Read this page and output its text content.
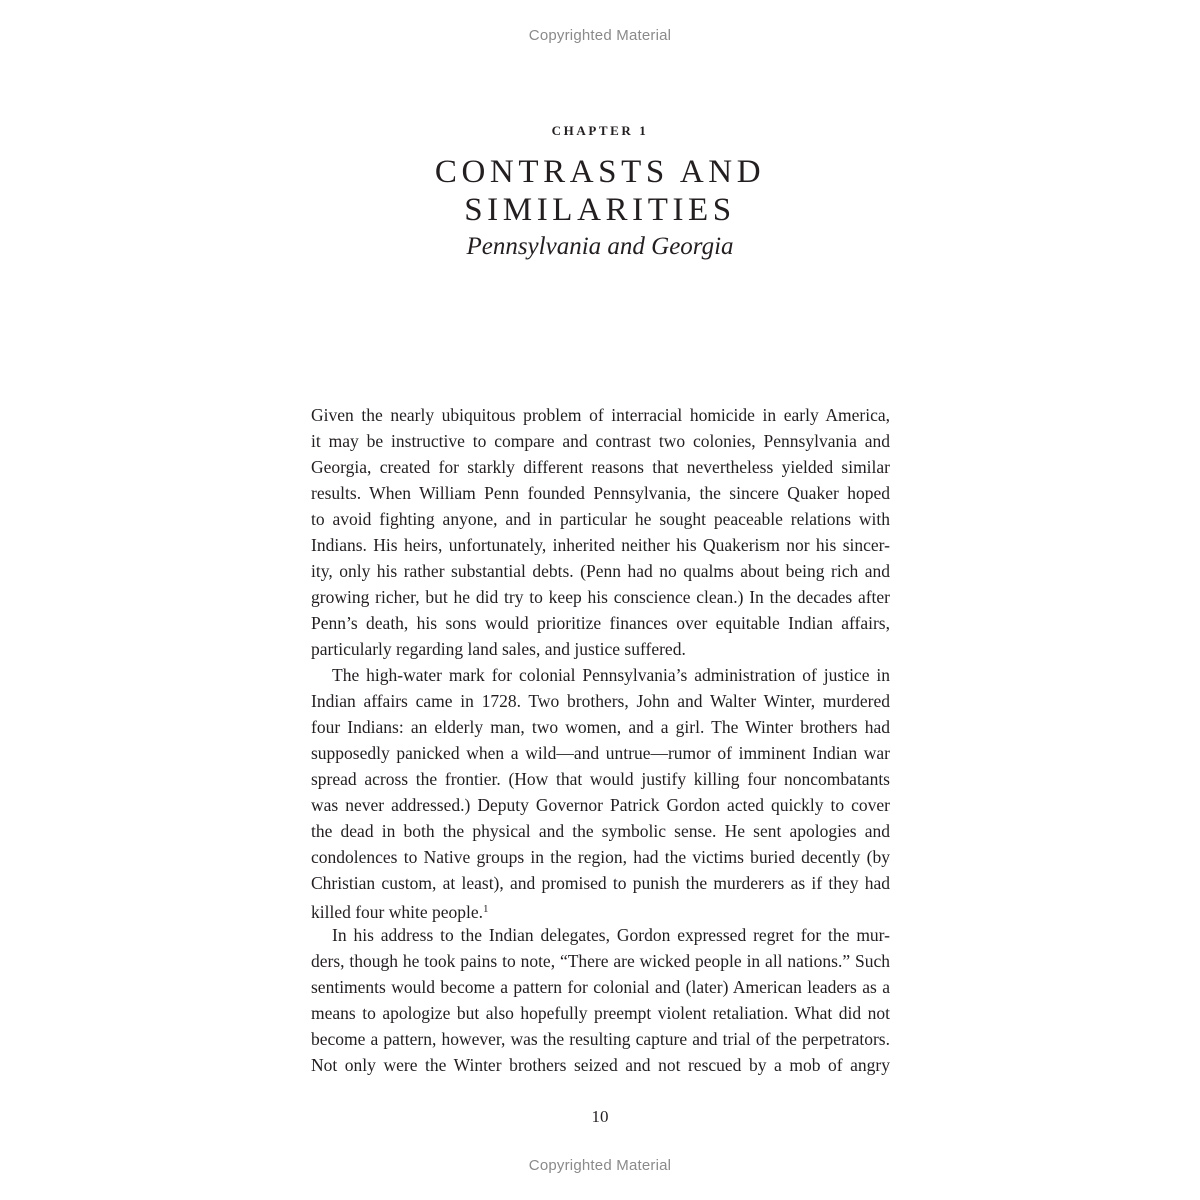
Copyrighted Material
CHAPTER 1
CONTRASTS AND
SIMILARITIES
Pennsylvania and Georgia
Given the nearly ubiquitous problem of interracial homicide in early America,
it may be instructive to compare and contrast two colonies, Pennsylvania and
Georgia, created for starkly different reasons that nevertheless yielded similar
results. When William Penn founded Pennsylvania, the sincere Quaker hoped
to avoid fighting anyone, and in particular he sought peaceable relations with
Indians. His heirs, unfortunately, inherited neither his Quakerism nor his sincer-
ity, only his rather substantial debts. (Penn had no qualms about being rich and
growing richer, but he did try to keep his conscience clean.) In the decades after
Penn’s death, his sons would prioritize finances over equitable Indian affairs,
particularly regarding land sales, and justice suffered.
The high-water mark for colonial Pennsylvania’s administration of justice in
Indian affairs came in 1728. Two brothers, John and Walter Winter, murdered
four Indians: an elderly man, two women, and a girl. The Winter brothers had
supposedly panicked when a wild—and untrue—rumor of imminent Indian war
spread across the frontier. (How that would justify killing four noncombatants
was never addressed.) Deputy Governor Patrick Gordon acted quickly to cover
the dead in both the physical and the symbolic sense. He sent apologies and
condolences to Native groups in the region, had the victims buried decently (by
Christian custom, at least), and promised to punish the murderers as if they had
killed four white people.$^1$
In his address to the Indian delegates, Gordon expressed regret for the mur-
ders, though he took pains to note, “There are wicked people in all nations.” Such
sentiments would become a pattern for colonial and (later) American leaders as a
means to apologize but also hopefully preempt violent retaliation. What did not
become a pattern, however, was the resulting capture and trial of the perpetrators.
Not only were the Winter brothers seized and not rescued by a mob of angry
10
Copyrighted Material
